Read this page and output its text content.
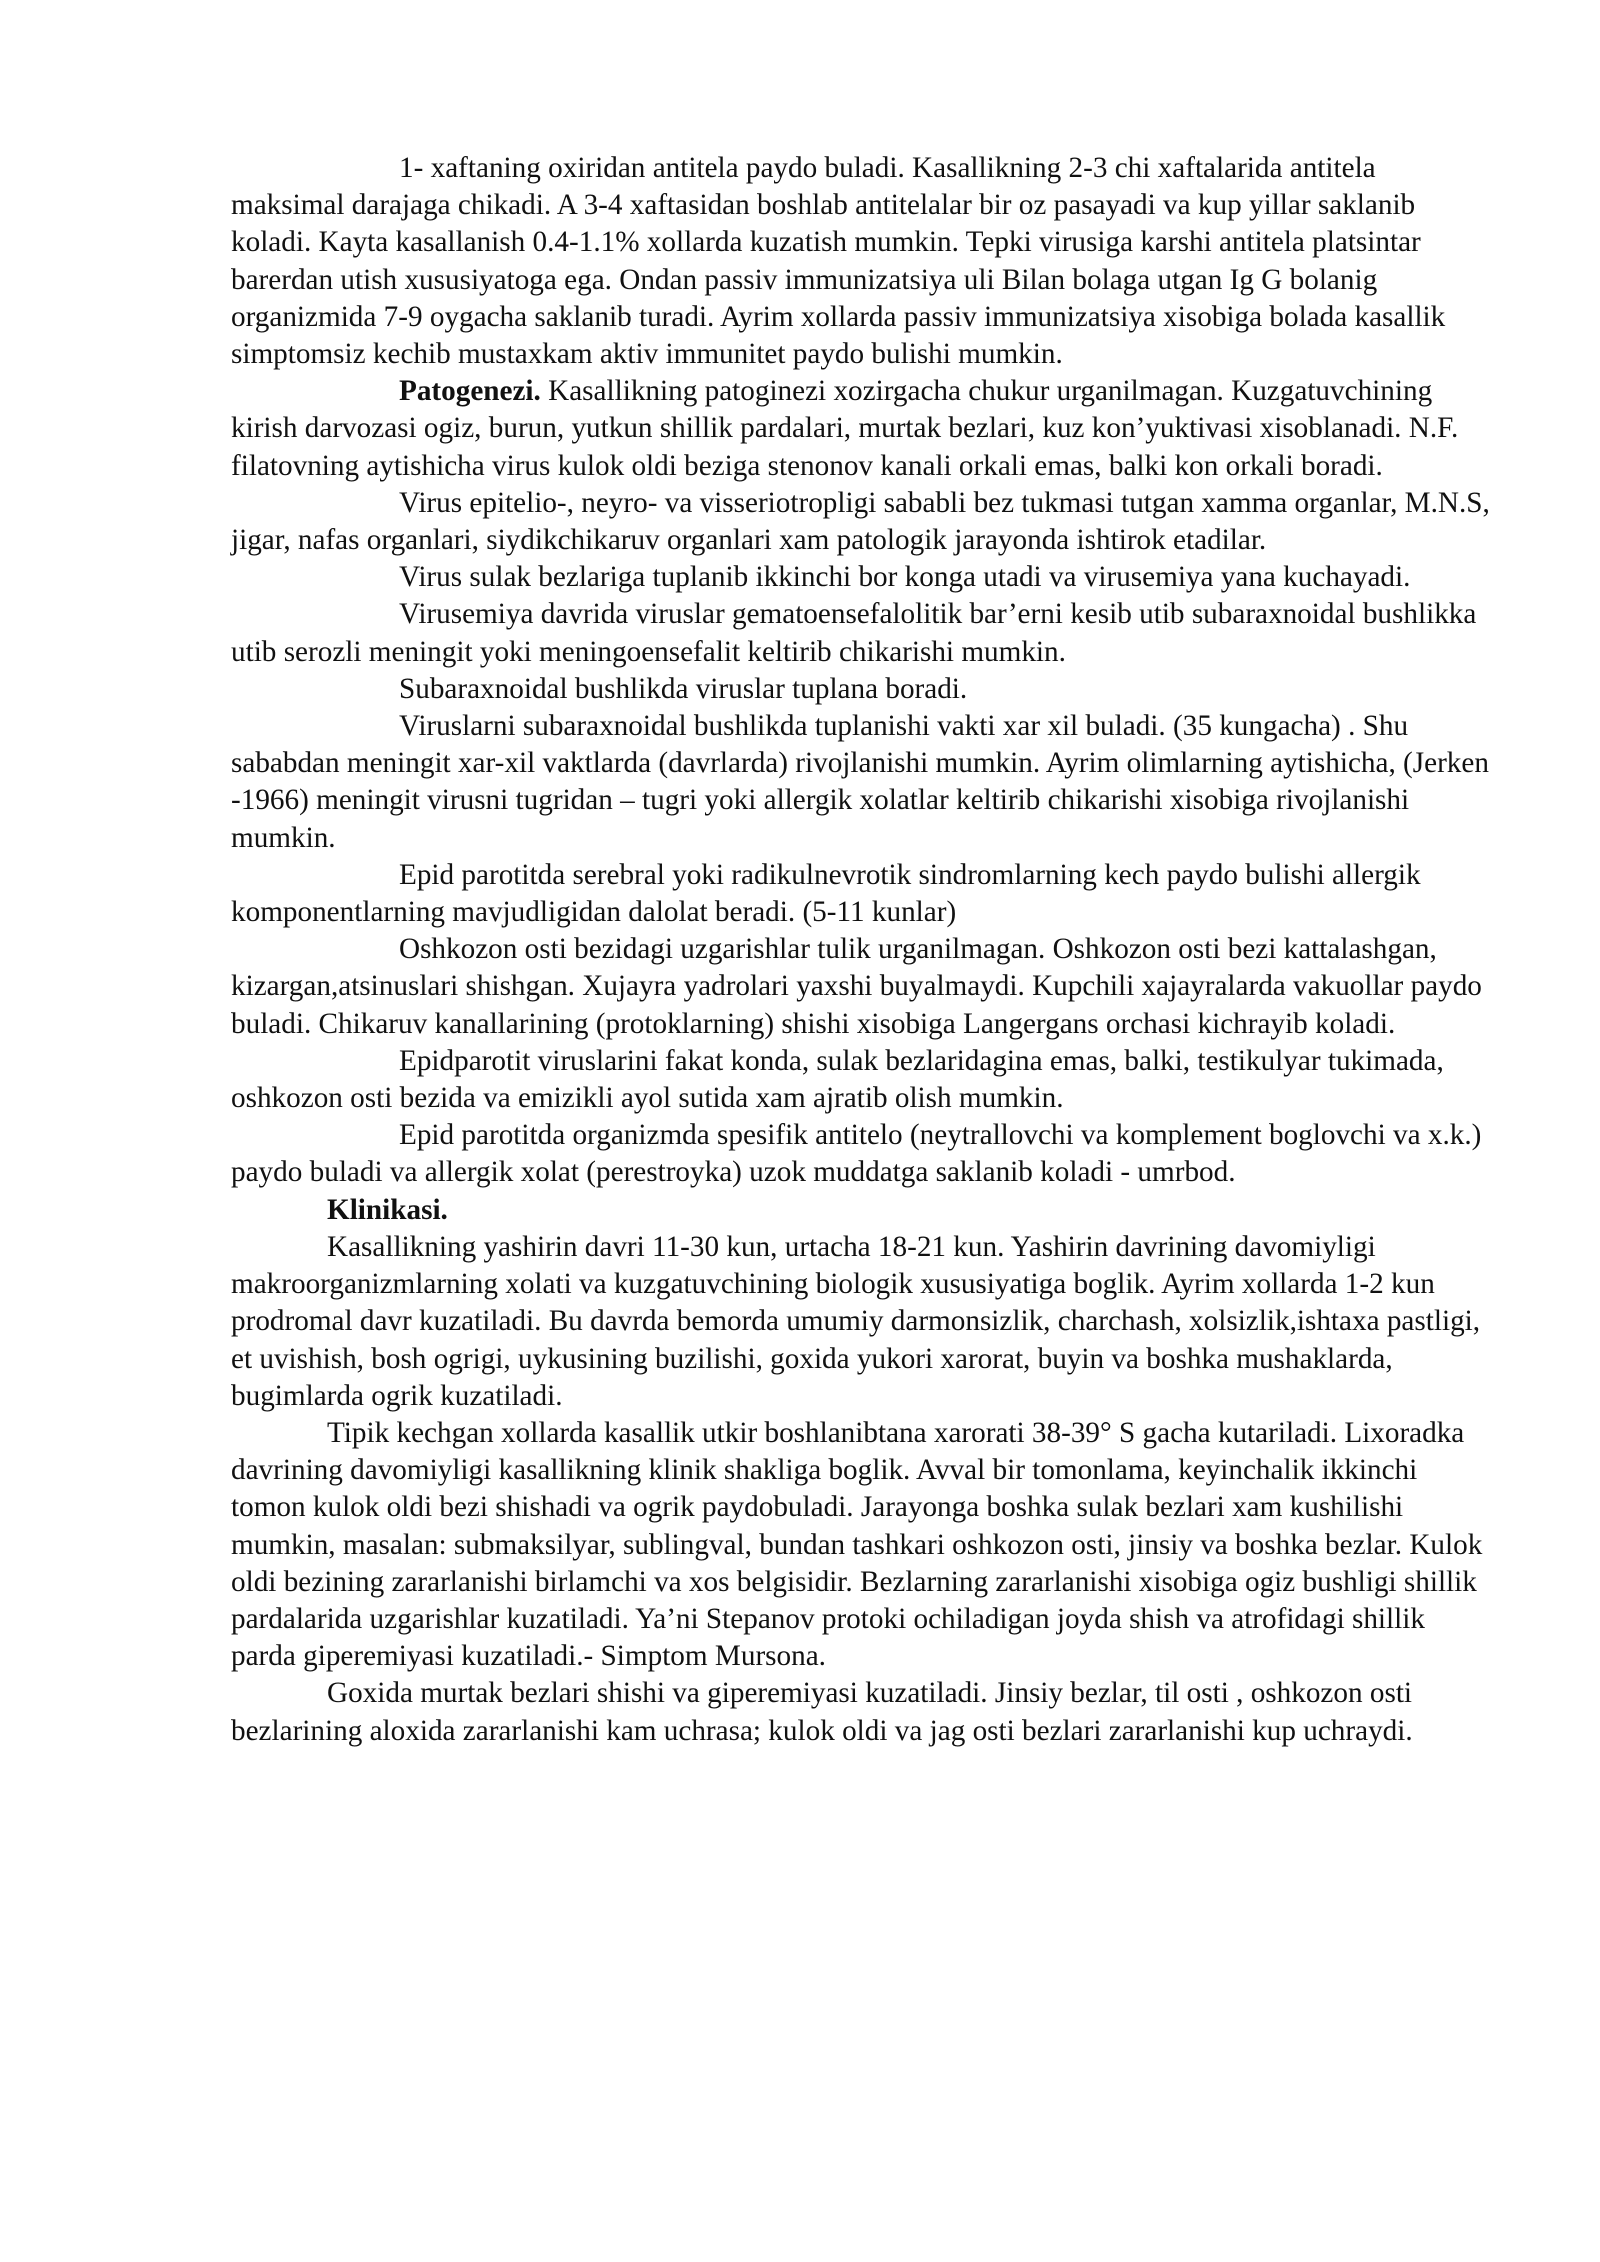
1- xaftaning oxiridan antitela paydo buladi. Kasallikning 2-3 chi xaftalarida antitela maksimal darajaga chikadi. A 3-4 xaftasidan boshlab antitelalar bir oz pasayadi va kup yillar saklanib koladi. Kayta kasallanish 0.4-1.1% xollarda kuzatish mumkin. Tepki virusiga karshi antitela platsintar barerdan utish xususiyatoga ega. Ondan passiv immunizatsiya uli Bilan bolaga utgan Ig G bolanig organizmida 7-9 oygacha saklanib turadi. Ayrim xollarda passiv immunizatsiya xisobiga bolada kasallik simptomsiz kechib mustaxkam aktiv immunitet paydo bulishi mumkin.

Patogenezi. Kasallikning patoginezi xozirgacha chukur urganilmagan. Kuzgatuvchining kirish darvozasi ogiz, burun, yutkun shillik pardalari, murtak bezlari, kuz kon’yuktivasi xisoblanadi. N.F. filatovning aytishicha virus kulok oldi beziga stenonov kanali orkali emas, balki kon orkali boradi.

Virus epitelio-, neyro- va visseriotropligi sababli bez tukmasi tutgan xamma organlar, M.N.S, jigar, nafas organlari, siydikchikaruv organlari xam patologik jarayonda ishtirok etadilar.

Virus sulak bezlariga tuplanib ikkinchi bor konga utadi va virusemiya yana kuchayadi.

Virusemiya davrida viruslar gematoensefalolitik bar’erni kesib utib subaraxnoidal bushlikka utib serozli meningit yoki meningoensefalit keltirib chikarishi mumkin.

Subaraxnoidal bushlikda viruslar tuplana boradi.

Viruslarni subaraxnoidal bushlikda tuplanishi vakti xar xil buladi. (35 kungacha) . Shu sababdan meningit xar-xil vaktlarda (davrlarda) rivojlanishi mumkin. Ayrim olimlarning aytishicha, (Jerken -1966) meningit virusni tugridan – tugri yoki allergik xolatlar keltirib chikarishi xisobiga rivojlanishi mumkin.

Epid parotitda serebral yoki radikulnevrotik sindromlarning kech paydo bulishi allergik komponentlarning mavjudligidan dalolat beradi. (5-11 kunlar)

Oshkozon osti bezidagi uzgarishlar tulik urganilmagan. Oshkozon osti bezi kattalashgan, kizargan,atsinuslari shishgan. Xujayra yadrolari yaxshi buyalmaydi. Kupchili xajayralarda vakuollar paydo buladi. Chikaruv kanallarining (protoklarning) shishi xisobiga Langergans orchasi kichrayib koladi.

Epidparotit viruslarini fakat konda, sulak bezlaridagina emas, balki, testikulyar tukimada, oshkozon osti bezida va emizikli ayol sutida xam ajratib olish mumkin.

Epid parotitda organizmda spesifik antitelo (neytrallovchi va komplement boglovchi va x.k.) paydo buladi va allergik xolat (perestroyka) uzok muddatga saklanib koladi - umrbod.

Klinikasi.

Kasallikning yashirin davri 11-30 kun, urtacha 18-21 kun. Yashirin davrining davomiyligi makroorganizmlarning xolati va kuzgatuvchining biologik xususiyatiga boglik. Ayrim xollarda 1-2 kun prodromal davr kuzatiladi. Bu davrda bemorda umumiy darmonsizlik, charchash, xolsizlik,ishtaxa pastligi, et uvishish, bosh ogrigi, uykusining buzilishi, goxida yukori xarorat, buyin va boshka mushaklarda, bugimlarda ogrik kuzatiladi.

Tipik kechgan xollarda kasallik utkir boshlanibtana xarorati 38-39° S gacha kutariladi. Lixoradka davrining davomiyligi kasallikning klinik shakliga boglik. Avval bir tomonlama, keyinchalik ikkinchi tomon kulok oldi bezi shishadi va ogrik paydobuladi. Jarayonga boshka sulak bezlari xam kushilishi mumkin, masalan: submaksilyar, sublingval, bundan tashkari oshkozon osti, jinsiy va boshka bezlar. Kulok oldi bezining zararlanishi birlamchi va xos belgisidir. Bezlarning zararlanishi xisobiga ogiz bushligi shillik pardalarida uzgarishlar kuzatiladi. Ya’ni Stepanov protoki ochiladigan joyda shish va atrofidagi shillik parda giperemiyasi kuzatiladi.- Simptom Mursona.

Goxida murtak bezlari shishi va giperemiyasi kuzatiladi. Jinsiy bezlar, til osti , oshkozon osti bezlarining aloxida zararlanishi kam uchrasa; kulok oldi va jag osti bezlari zararlanishi kup uchraydi.
